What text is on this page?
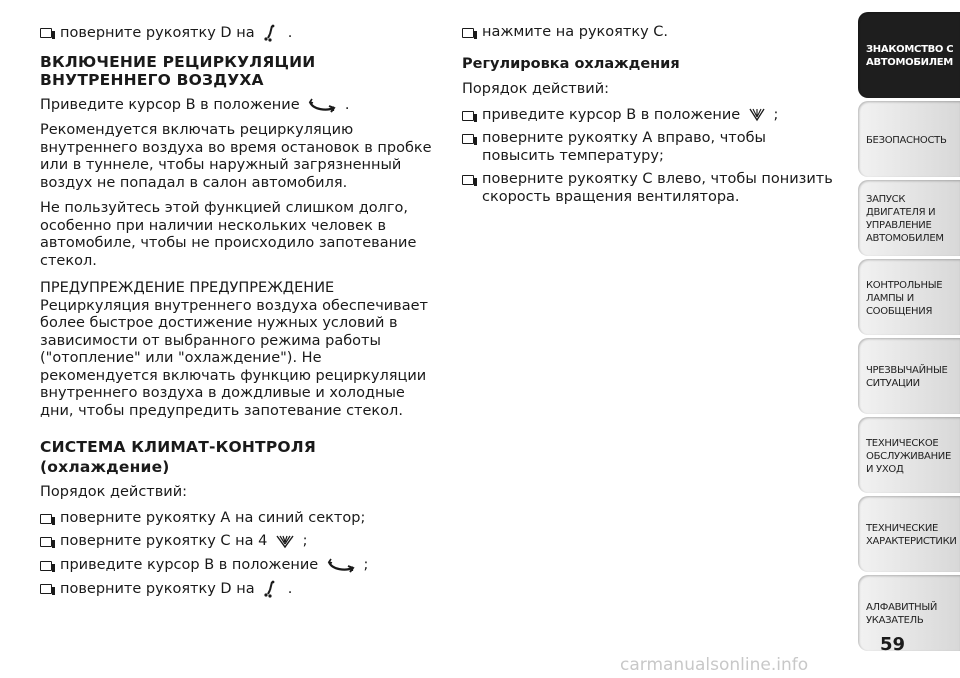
поверните рукоятку D на .
ВКЛЮЧЕНИЕ РЕЦИРКУЛЯЦИИ ВНУТРЕННЕГО ВОЗДУХА
Приведите курсор B в положение	.
Рекомендуется включать рециркуляцию внутреннего воздуха во время остановок в пробке или в туннеле, чтобы наружный загрязненный воздух не попадал в салон автомобиля.
Не пользуйтесь этой функцией слишком долго, особенно при наличии нескольких человек в автомобиле, чтобы не происходило запотевание стекол.
ПРЕДУПРЕЖДЕНИЕ ПРЕДУПРЕЖДЕНИЕ
Рециркуляция внутреннего воздуха обеспечивает более быстрое достижение нужных условий в зависимости от выбранного режима работы ("отопление" или "охлаждение"). Не рекомендуется включать функцию рециркуляции внутреннего воздуха в дождливые и холодные дни, чтобы предупредить запотевание стекол.
СИСТЕМА КЛИМАТ-КОНТРОЛЯ
(охлаждение)
Порядок действий:
поверните рукоятку A на синий сектор;
поверните рукоятку C на 4 ;
приведите курсор B в положение	;
поверните рукоятку D на .
нажмите на рукоятку C.
Регулировка охлаждения
Порядок действий:
приведите курсор B в положение ;
поверните рукоятку A вправо, чтобы повысить температуру;
поверните рукоятку C влево, чтобы понизить скорость вращения вентилятора.
ЗНАКОМСТВО С АВТОМОБИЛЕМ
БЕЗОПАСНОСТЬ
ЗАПУСК ДВИГАТЕЛЯ И УПРАВЛЕНИЕ АВТОМОБИЛЕМ
КОНТРОЛЬНЫЕ ЛАМПЫ И СООБЩЕНИЯ
ЧРЕЗВЫЧАЙНЫЕ СИТУАЦИИ
ТЕХНИЧЕСКОЕ ОБСЛУЖИВАНИЕ И УХОД
ТЕХНИЧЕСКИЕ ХАРАКТЕРИСТИКИ
АЛФАВИТНЫЙ УКАЗАТЕЛЬ
59
carmanualsonline.info
